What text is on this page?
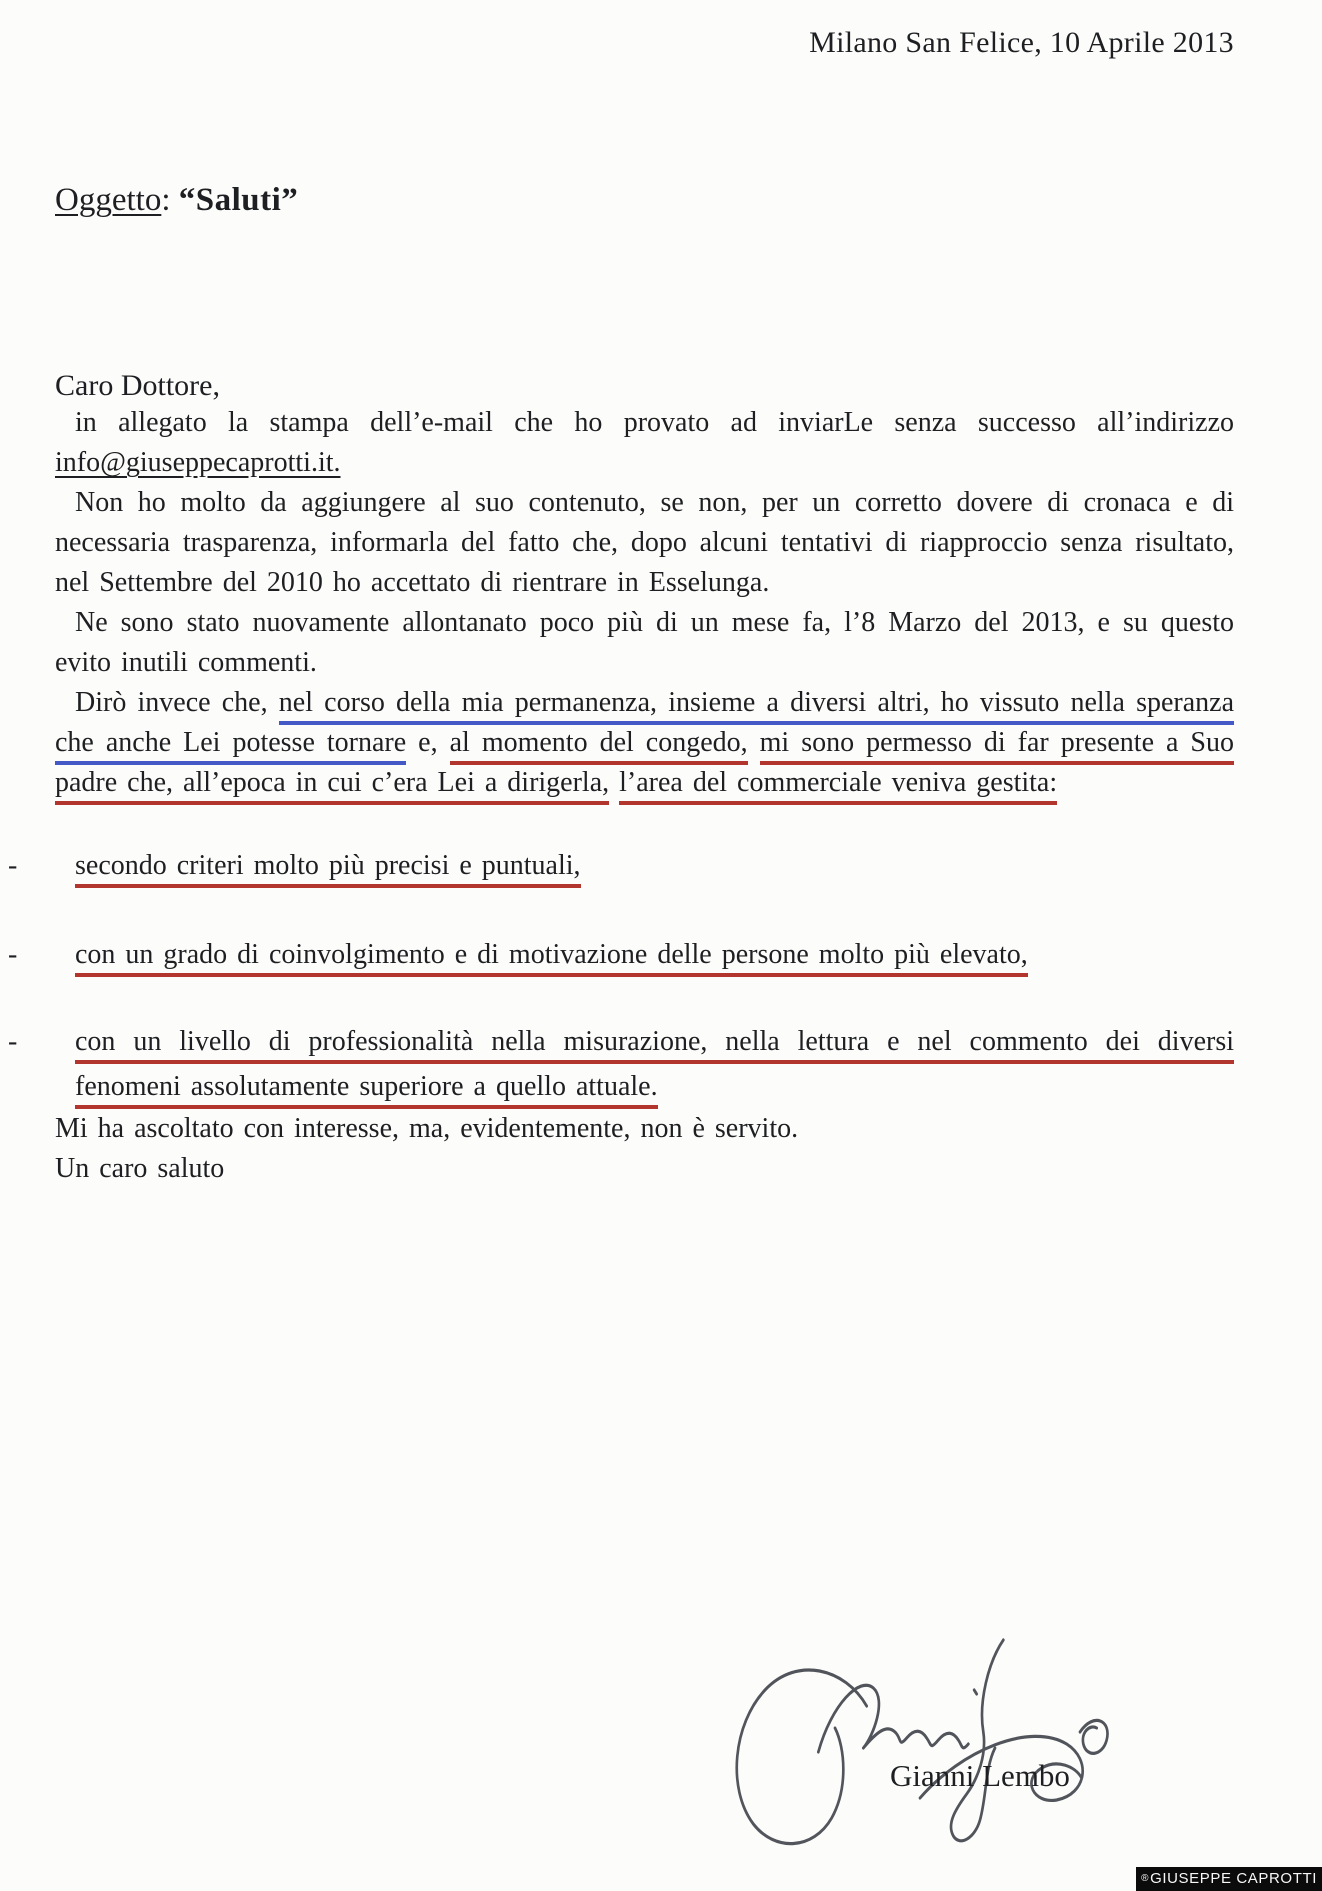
Milano San Felice, 10 Aprile 2013
Oggetto: “Saluti”
Caro Dottore,

in allegato la stampa dell’e-mail che ho provato ad inviarLe senza successo all’indirizzo info@giuseppecaprotti.it.

Non ho molto da aggiungere al suo contenuto, se non, per un corretto dovere di cronaca e di necessaria trasparenza, informarla del fatto che, dopo alcuni tentativi di riapproccio senza risultato, nel Settembre del 2010 ho accettato di rientrare in Esselunga.

Ne sono stato nuovamente allontanato poco più di un mese fa, l’8 Marzo del 2013, e su questo evito inutili commenti.

Dirò invece che, nel corso della mia permanenza, insieme a diversi altri, ho vissuto nella speranza che anche Lei potesse tornare e, al momento del congedo, mi sono permesso di far presente a Suo padre che, all’epoca in cui c’era Lei a dirigerla, l’area del commerciale veniva gestita:

-	secondo criteri molto più precisi e puntuali,
-	con un grado di coinvolgimento e di motivazione delle persone molto più elevato,
-	con un livello di professionalità nella misurazione, nella lettura e nel commento dei diversi fenomeni assolutamente superiore a quello attuale.

Mi ha ascoltato con interesse, ma, evidentemente, non è servito.

Un caro saluto

Gianni Lembo
®GIUSEPPE CAPROTTI
